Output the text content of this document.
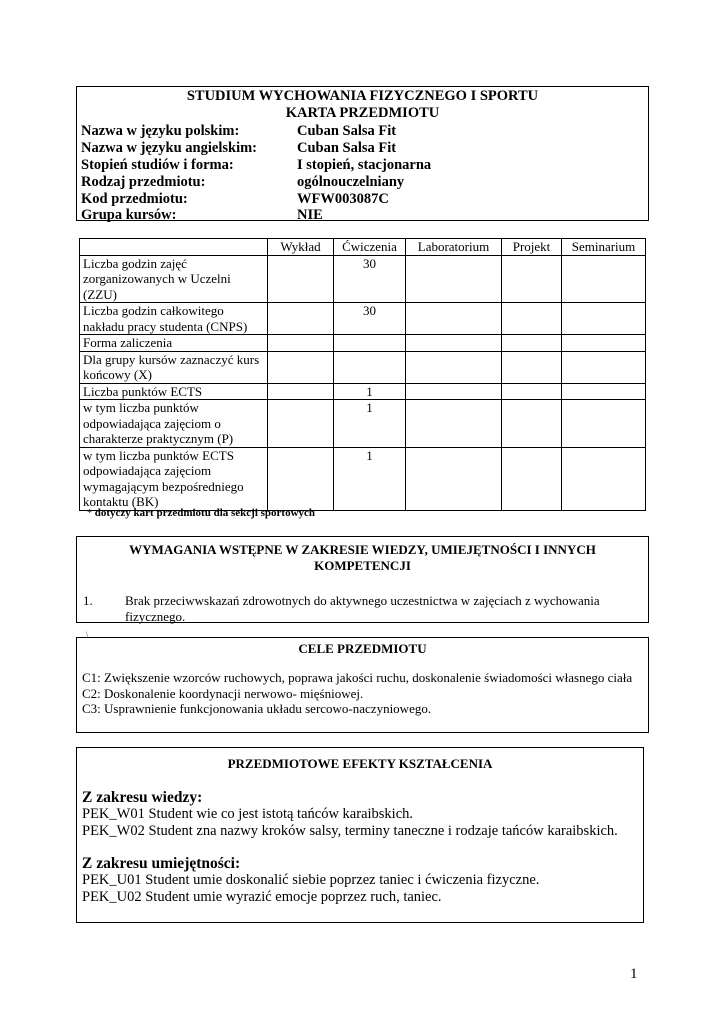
STUDIUM WYCHOWANIA FIZYCZNEGO I SPORTU
KARTA PRZEDMIOTU
Nazwa w języku polskim:	Cuban Salsa Fit
Nazwa w języku angielskim:	Cuban Salsa Fit
Stopień studiów i forma:	I stopień, stacjonarna
Rodzaj przedmiotu:	ogólnouczelniany
Kod przedmiotu:	WFW003087C
Grupa kursów:	NIE
	Wykład	Ćwiczenia	Laboratorium	Projekt	Seminarium
Liczba godzin zajęć zorganizowanych w Uczelni (ZZU)		30			
Liczba godzin całkowitego nakładu pracy studenta (CNPS)		30			
Forma zaliczenia					
Dla grupy kursów zaznaczyć kurs końcowy (X)					
Liczba punktów ECTS		1			
w tym liczba punktów odpowiadająca zajęciom o charakterze praktycznym (P)		1			
w tym liczba punktów ECTS odpowiadająca zajęciom wymagającym bezpośredniego kontaktu (BK)		1			
* dotyczy kart przedmiotu dla sekcji sportowych
WYMAGANIA WSTĘPNE W ZAKRESIE WIEDZY, UMIEJĘTNOŚCI I INNYCH KOMPETENCJI
1. Brak przeciwwskazań zdrowotnych do aktywnego uczestnictwa w zajęciach z wychowania fizycznego.
\
CELE PRZEDMIOTU
C1: Zwiększenie wzorców ruchowych, poprawa jakości ruchu, doskonalenie świadomości własnego ciała
C2: Doskonalenie koordynacji nerwowo- mięśniowej.
C3: Usprawnienie funkcjonowania układu sercowo-naczyniowego.
PRZEDMIOTOWE EFEKTY KSZTAŁCENIA
Z zakresu wiedzy:
PEK_W01 Student wie co jest istotą tańców karaibskich.
PEK_W02 Student zna nazwy kroków salsy, terminy taneczne i rodzaje tańców karaibskich.
Z zakresu umiejętności:
PEK_U01 Student umie doskonalić siebie poprzez taniec i ćwiczenia fizyczne.
PEK_U02 Student umie wyrazić emocje poprzez ruch, taniec.
1
